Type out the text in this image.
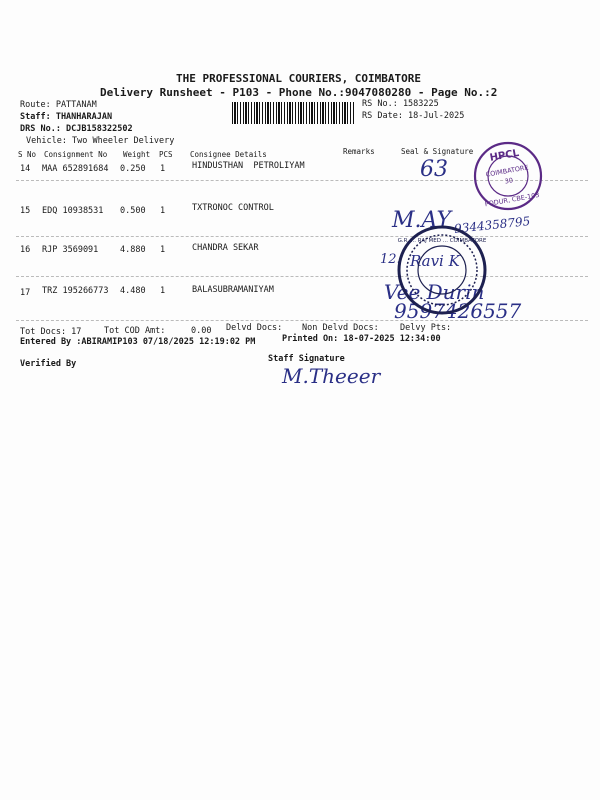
THE PROFESSIONAL COURIERS, COIMBATORE
Delivery Runsheet - P103 - Phone No.:9047080280 - Page No.:2
Route: PATTANAM
Staff: THANHARAJAN
DRS No.: DCJB158322502
Vehicle: Two Wheeler Delivery
RS No.: 1583225
RS Date: 18-Jul-2025
S No Consignment No Weight PCS Consignee Details	Remarks	Seal & Signature
14 MAA 652891684 0.250 1	HINDUSTHAN  PETROLIYAM
15 EDQ 10938531 0.500 1	TXTRONOC CONTROL
16 RJP 3569091	4.880 1	CHANDRA SEKAR
17 TRZ 195266773 4.480 1	BALASUBRAMANIYAM
63
M.AY 9344358795
12. Ravi K
Vee Durin
9597426557
HPCL
COIMBATORE
30
PODUR, CBE-103
G.R. ... RAJ MED ... COIMBATORE
Tot Docs: 17	Tot COD Amt:     0.00 Delvd Docs: Non Delvd Docs: Delvy Pts:
Entered By :ABIRAMIP103 07/18/2025 12:19:02 PM	Printed On: 18-07-2025 12:34:00
Verified By	Staff Signature
M.Theeer
